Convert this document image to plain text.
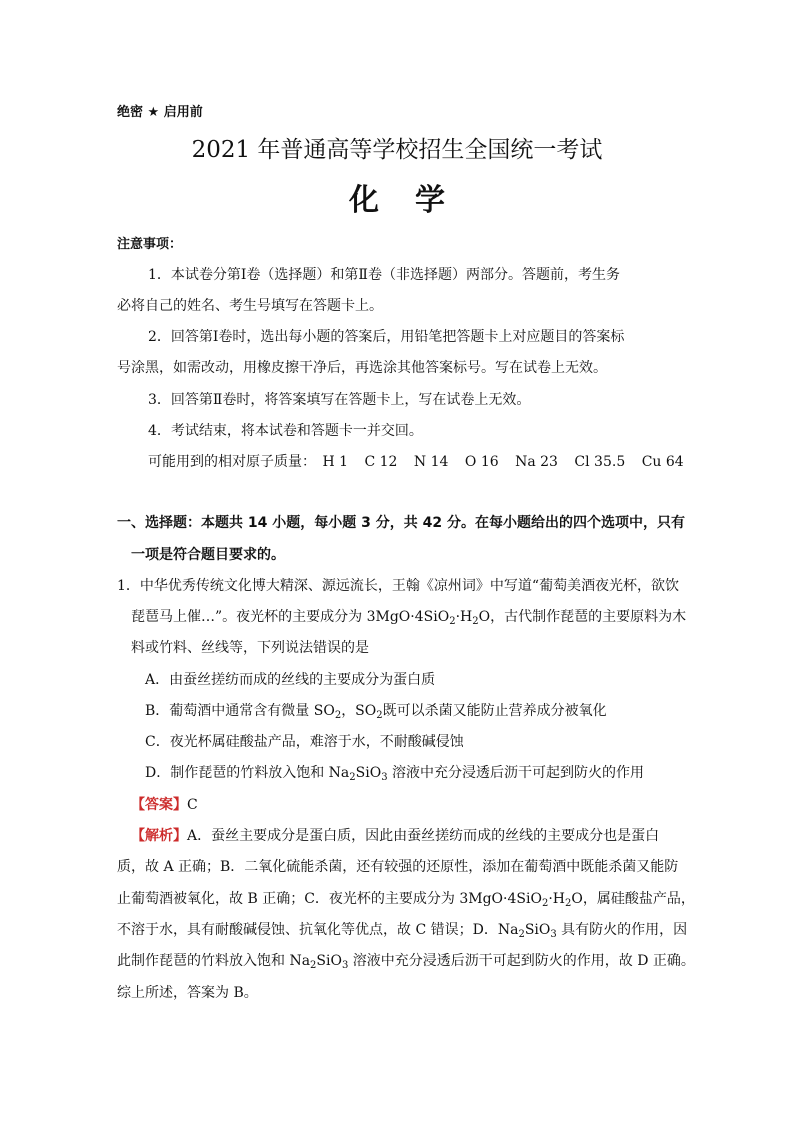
绝密 ★ 启用前
2021 年普通高等学校招生全国统一考试
化学
注意事项：
1．本试卷分第Ⅰ卷（选择题）和第Ⅱ卷（非选择题）两部分。答题前，考生务
必将自己的姓名、考生号填写在答题卡上。
2．回答第Ⅰ卷时，选出每小题的答案后，用铅笔把答题卡上对应题目的答案标
号涂黑，如需改动，用橡皮擦干净后，再选涂其他答案标号。写在试卷上无效。
3．回答第Ⅱ卷时，将答案填写在答题卡上，写在试卷上无效。
4．考试结束，将本试卷和答题卡一并交回。
可能用到的相对原子质量： H 1 C 12 N 14 O 16 Na 23 Cl 35.5 Cu 64
一、选择题：本题共 14 小题，每小题 3 分，共 42 分。在每小题给出的四个选项中，只有
一项是符合题目要求的。
1．中华优秀传统文化博大精深、源远流长，王翰《凉州词》中写道“葡萄美酒夜光杯，欲饮
琵琶马上催…”。夜光杯的主要成分为 $3MgO\cdot 4SiO_2\cdot H_2O$，古代制作琵琶的主要原料为木
料或竹料、丝线等，下列说法错误的是
A．由蚕丝搓纺而成的丝线的主要成分为蛋白质
B．葡萄酒中通常含有微量 $SO_2$，$SO_2$既可以杀菌又能防止营养成分被氧化
C．夜光杯属硅酸盐产品，难溶于水，不耐酸碱侵蚀
D．制作琵琶的竹料放入饱和 $Na_2SiO_3$ 溶液中充分浸透后沥干可起到防火的作用
【答案】C
【解析】A．蚕丝主要成分是蛋白质，因此由蚕丝搓纺而成的丝线的主要成分也是蛋白
质，故 A 正确；B．二氧化硫能杀菌，还有较强的还原性，添加在葡萄酒中既能杀菌又能防
止葡萄酒被氧化，故 B 正确；C．夜光杯的主要成分为 $3MgO\cdot 4SiO_2\cdot H_2O$，属硅酸盐产品，
不溶于水，具有耐酸碱侵蚀、抗氧化等优点，故 C 错误；D．$Na_2SiO_3$ 具有防火的作用，因
此制作琵琶的竹料放入饱和 $Na_2SiO_3$ 溶液中充分浸透后沥干可起到防火的作用，故 D 正确。
综上所述，答案为 B。
